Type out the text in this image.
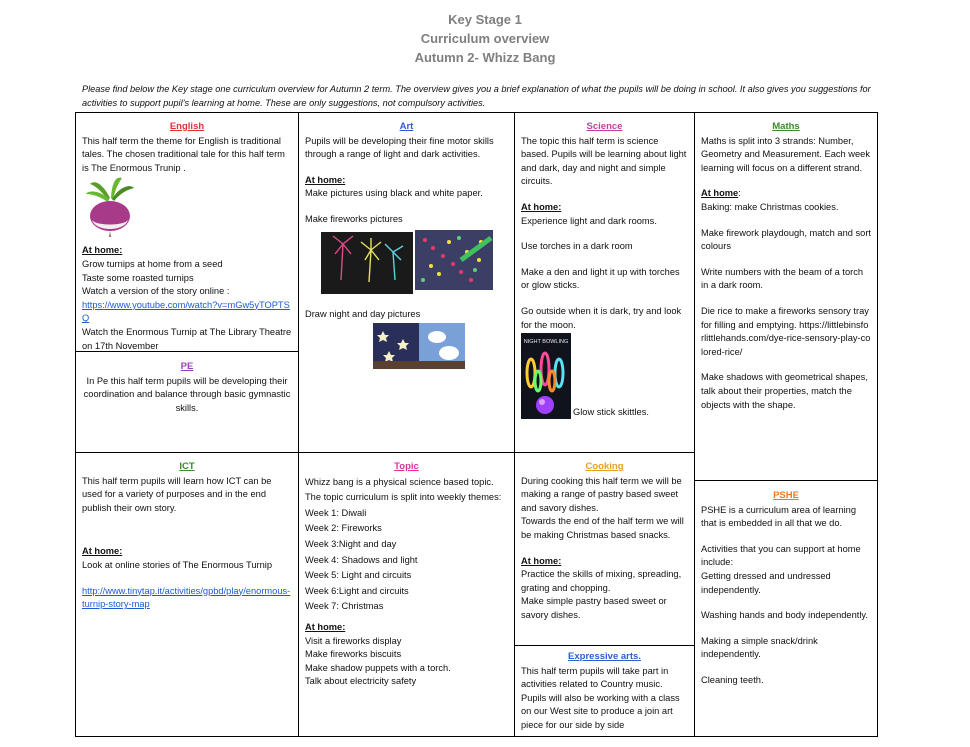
Key Stage 1
Curriculum overview
Autumn 2- Whizz Bang
Please find below the Key stage one curriculum overview for Autumn 2 term. The overview gives you a brief explanation of what the pupils will be doing in school. It also gives you suggestions for activities to support pupil’s learning at home. These are only suggestions, not compulsory activities.
English

This half term the theme for English is traditional tales. The chosen traditional tale for this half term is The Enormous Trunip .

At home:

Grow turnips at home from a seed

Taste some roasted turnips

Watch a version of the story online :

https://www.youtube.com/watch?v=mGw5yTOPTSQ

Watch the Enormous Turnip at The Library Theatre on 17th November

PE

In Pe this half term pupils will be developing their coordination and balance through basic gymnastic skills.

Art

Pupils will be developing their fine motor skills through a range of light and dark activities.

At home:

Make pictures using black and white paper.

Make fireworks pictures

Draw night and day pictures

Science

The topic this half term is science based. Pupils will be learning about light and dark, day and night and simple circuits.

At home:

Experience light and dark rooms.

Use torches in a dark room

Make a den and light it up with torches or glow sticks.

Go outside when it is dark, try and look for the moon.

NIGHT BOWLING
Glow stick skittles.
Maths

Maths is split into 3 strands: Number, Geometry and Measurement. Each week learning will focus on a different strand.

At home:

Baking: make Christmas cookies.

Make firework playdough, match and sort colours

Write numbers with the beam of a torch in a dark room.

Die rice to make a fireworks sensory tray for filling and emptying. https://littlebinsforlittlehands.com/dye-rice-sensory-play-colored-rice/

Make shadows with geometrical shapes, talk about their properties, match the objects with the shape.

ICT

This half term pupils will learn how ICT can be used for a variety of purposes and in the end publish their own story.

At home:

Look at online stories of The Enormous Turnip

http://www.tinytap.it/activities/gpbd/play/enormous-turnip-story-map
Topic

Whizz bang is a physical science based topic.

The topic curriculum is split into weekly themes:

Week 1: Diwali

Week 2: Fireworks

Week 3:Night and day

Week 4: Shadows and light

Week 5: Light and circuits

Week 6:Light and circuits

Week 7: Christmas

At home:

Visit a fireworks display

Make fireworks biscuits

Make shadow puppets with a torch.

Talk about electricity safety

Cooking

During cooking this half term we will be making a range of pastry based sweet and savory dishes.

Towards the end of the half term we will be making Christmas based snacks.

At home:

Practice the skills of mixing, spreading, grating and chopping.

Make simple pastry based sweet or savory dishes.

Expressive arts.

This half term pupils will take part in activities related to Country music. Pupils will also be working with a class on our West site to produce a join art piece for our side by side

PSHE

PSHE is a curriculum area of learning that is embedded in all that we do.

Activities that you can support at home include:

Getting dressed and undressed independently.

Washing hands and body independently.

Making a simple snack/drink independently.

Cleaning teeth.
